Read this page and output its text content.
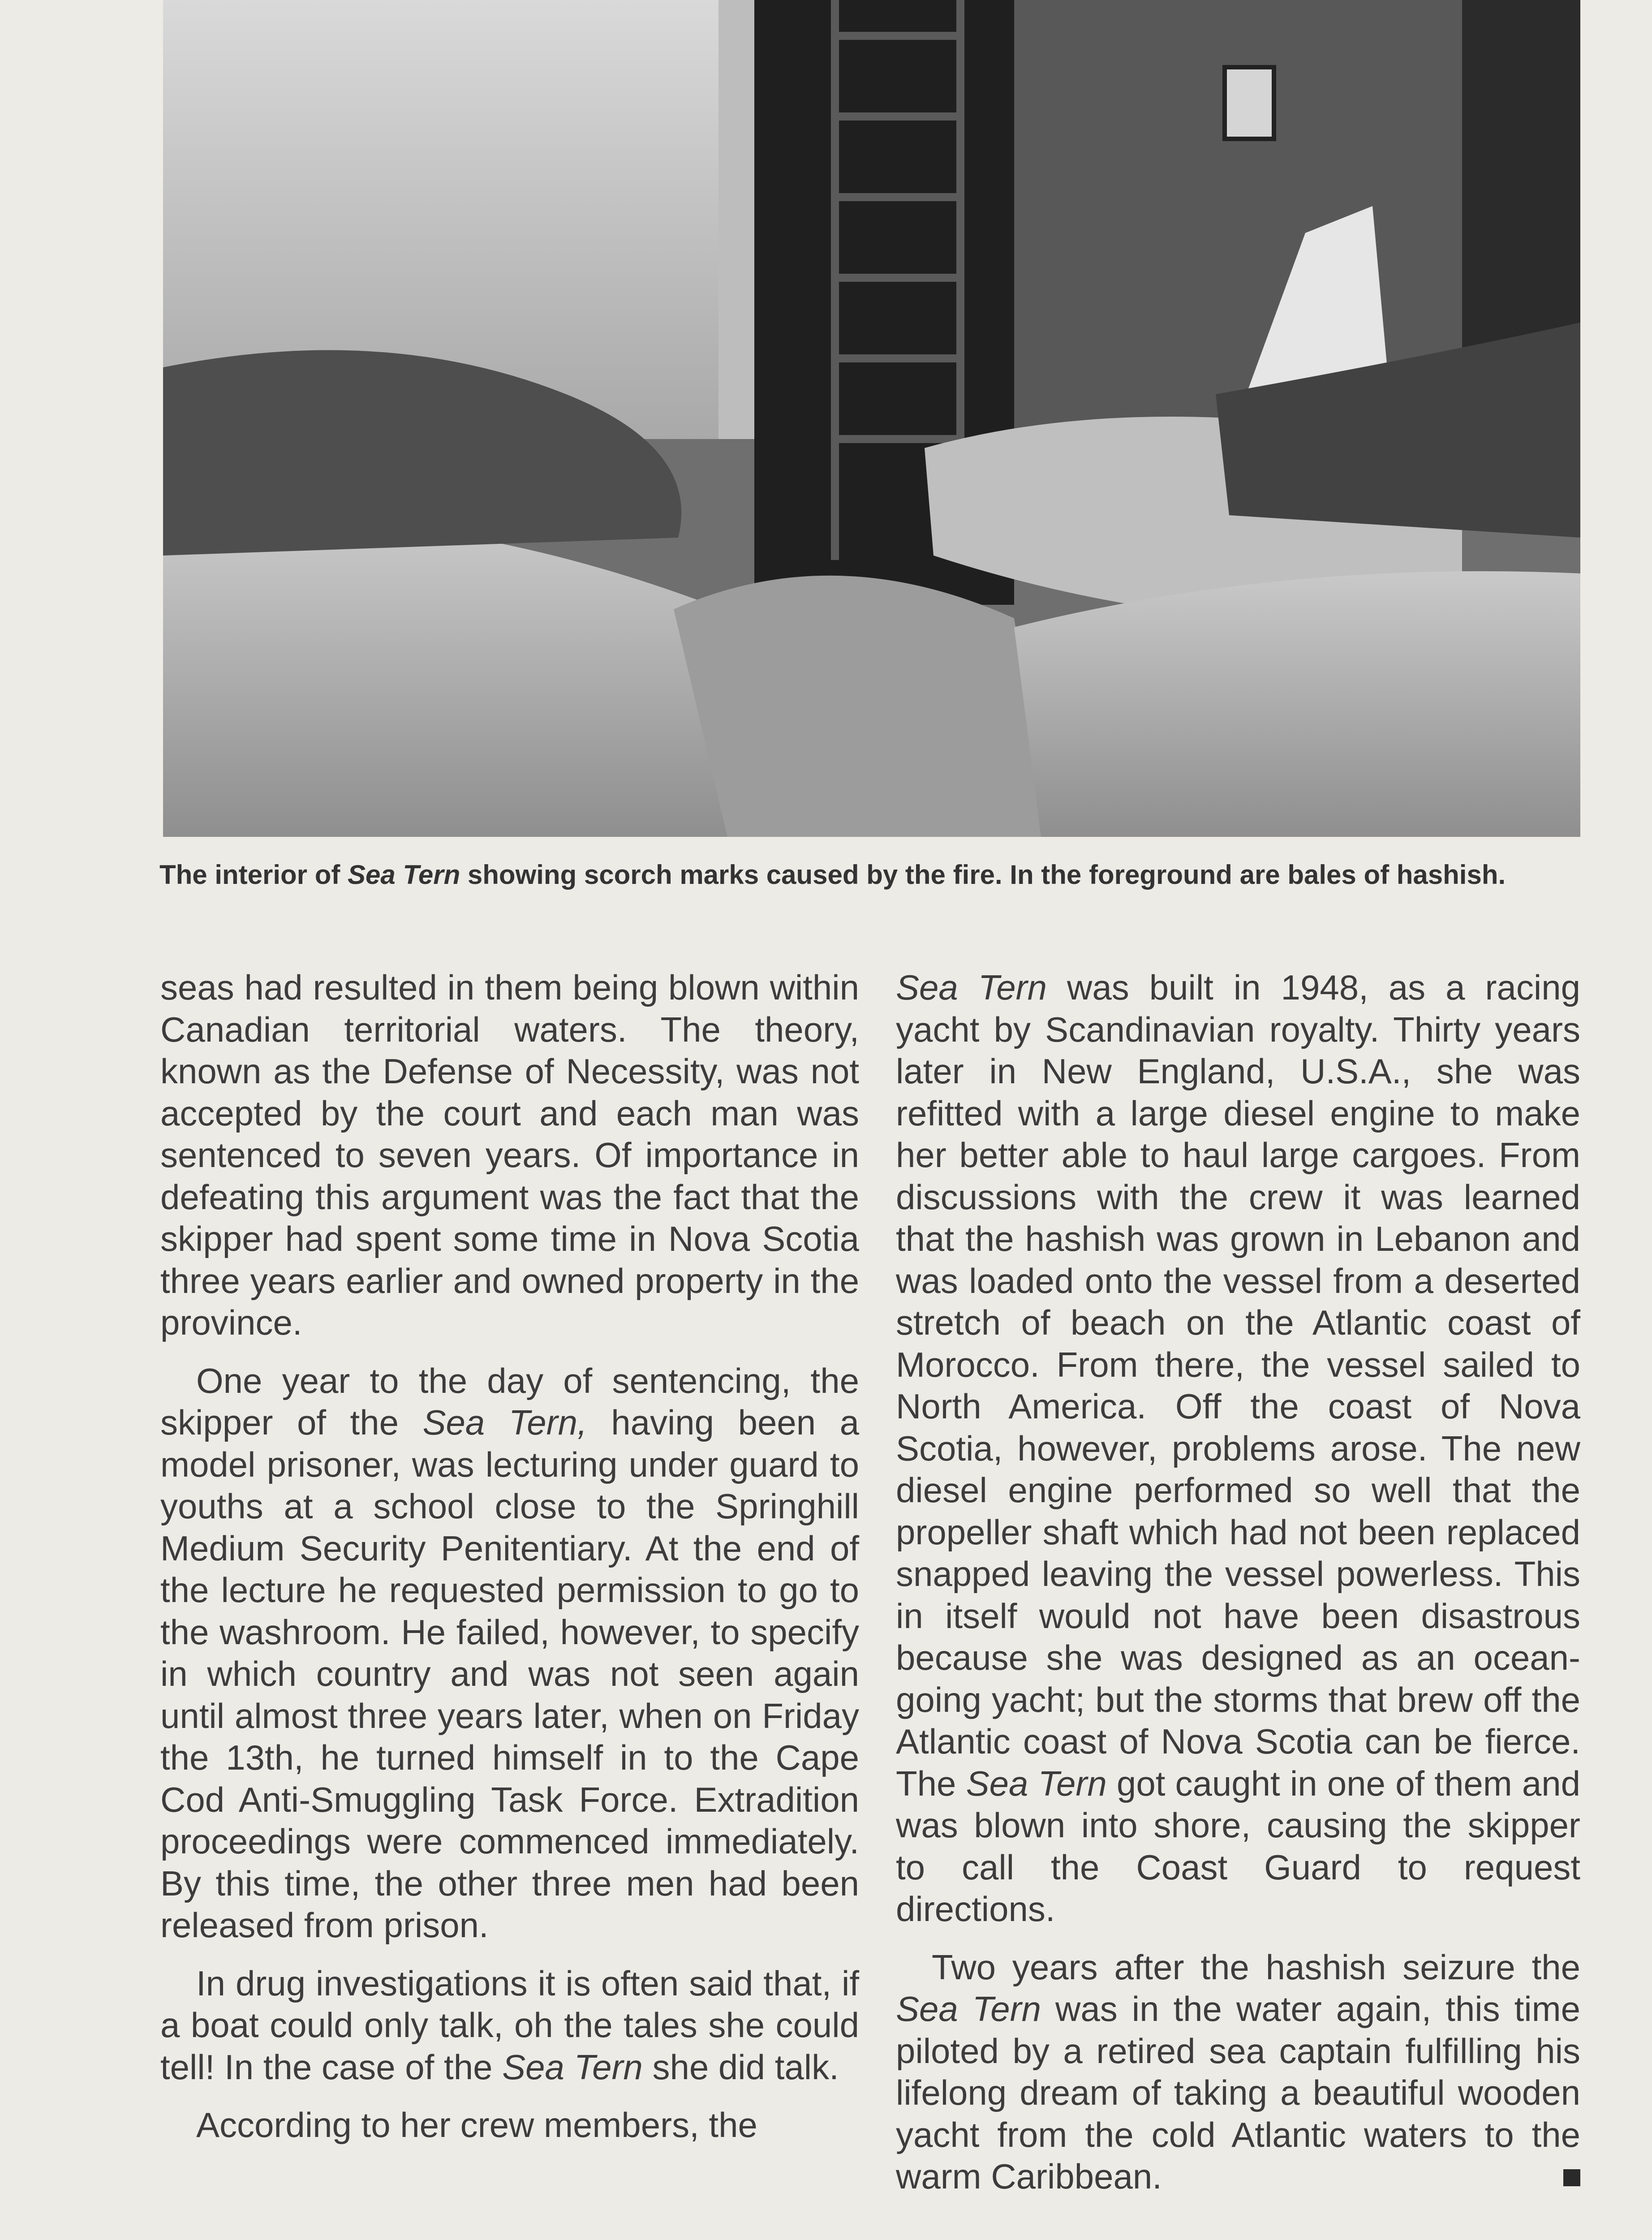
The interior of Sea Tern showing scorch marks caused by the fire. In the foreground are bales of hashish.

seas had resulted in them being blown within Canadian territorial waters. The theory, known as the Defense of Necessity, was not accepted by the court and each man was sentenced to seven years. Of importance in defeating this argument was the fact that the skipper had spent some time in Nova Scotia three years earlier and owned property in the province.

One year to the day of sentencing, the skipper of the Sea Tern, having been a model prisoner, was lecturing under guard to youths at a school close to the Springhill Medium Security Penitentiary. At the end of the lecture he requested permission to go to the washroom. He failed, however, to specify in which country and was not seen again until almost three years later, when on Friday the 13th, he turned himself in to the Cape Cod Anti-Smuggling Task Force. Extradition proceedings were commenced immediately. By this time, the other three men had been released from prison.

In drug investigations it is often said that, if a boat could only talk, oh the tales she could tell! In the case of the Sea Tern she did talk.

According to her crew members, the

Sea Tern was built in 1948, as a racing yacht by Scandinavian royalty. Thirty years later in New England, U.S.A., she was refitted with a large diesel engine to make her better able to haul large cargoes. From discussions with the crew it was learned that the hashish was grown in Lebanon and was loaded onto the vessel from a deserted stretch of beach on the Atlantic coast of Morocco. From there, the vessel sailed to North America. Off the coast of Nova Scotia, however, problems arose. The new diesel engine performed so well that the propeller shaft which had not been replaced snapped leaving the vessel powerless. This in itself would not have been disastrous because she was designed as an ocean-going yacht; but the storms that brew off the Atlantic coast of Nova Scotia can be fierce. The Sea Tern got caught in one of them and was blown into shore, causing the skipper to call the Coast Guard to request directions.

Two years after the hashish seizure the Sea Tern was in the water again, this time piloted by a retired sea captain fulfilling his lifelong dream of taking a beautiful wooden yacht from the cold Atlantic waters to the warm Caribbean.
